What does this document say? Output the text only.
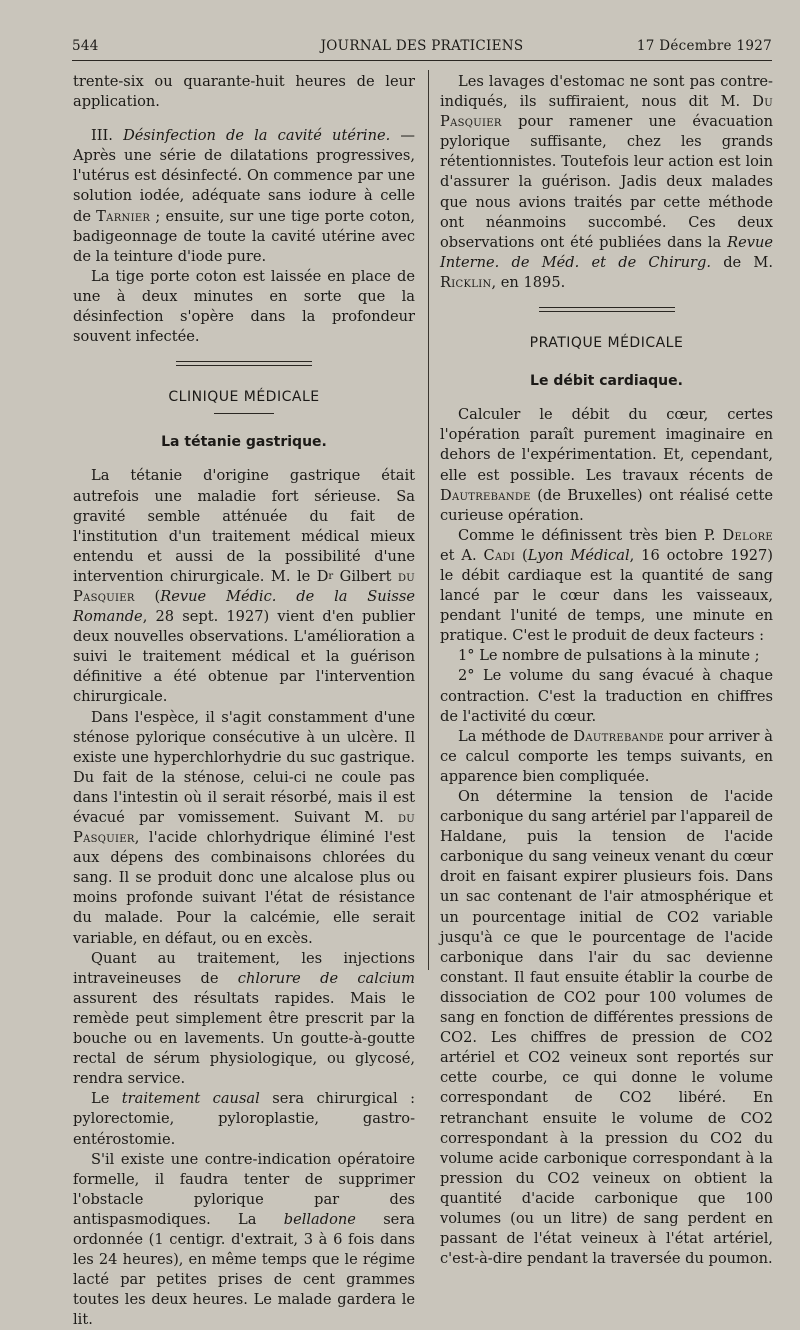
544	JOURNAL DES PRATICIENS	17 Décembre 1927

trente-six ou quarante-huit heures de leur application.

III. Désinfection de la cavité utérine. — Après une série de dilatations progressives, l'utérus est désinfecté. On commence par une solution iodée, adéquate sans iodure à celle de Tarnier ; ensuite, sur une tige porte coton, badigeonnage de toute la cavité utérine avec de la teinture d'iode pure.

La tige porte coton est laissée en place de une à deux minutes en sorte que la désinfection s'opère dans la profondeur souvent infectée.

CLINIQUE MÉDICALE
La tétanie gastrique.

La tétanie d'origine gastrique était autrefois une maladie fort sérieuse. Sa gravité semble atténuée du fait de l'institution d'un traitement médical mieux entendu et aussi de la possibilité d'une intervention chirurgicale. M. le $D^r$ Gilbert du Pasquier (Revue Médic. de la Suisse Romande, 28 sept. 1927) vient d'en publier deux nouvelles observations. L'amélioration a suivi le traitement médical et la guérison définitive a été obtenue par l'intervention chirurgicale.

Dans l'espèce, il s'agit constamment d'une sténose pylorique consécutive à un ulcère. Il existe une hyperchlorhydrie du suc gastrique. Du fait de la sténose, celui-ci ne coule pas dans l'intestin où il serait résorbé, mais il est évacué par vomissement. Suivant M. du Pasquier, l'acide chlorhydrique éliminé l'est aux dépens des combinaisons chlorées du sang. Il se produit donc une alcalose plus ou moins profonde suivant l'état de résistance du malade. Pour la calcémie, elle serait variable, en défaut, ou en excès.

Quant au traitement, les injections intraveineuses de chlorure de calcium assurent des résultats rapides. Mais le remède peut simplement être prescrit par la bouche ou en lavements. Un goutte-à-goutte rectal de sérum physiologique, ou glycosé, rendra service.

Le traitement causal sera chirurgical : pylorectomie, pyloroplastie, gastro-entérostomie.

S'il existe une contre-indication opératoire formelle, il faudra tenter de supprimer l'obstacle pylorique par des antispasmodiques. La belladone sera ordonnée (1 centigr. d'extrait, 3 à 6 fois dans les 24 heures), en même temps que le régime lacté par petites prises de cent grammes toutes les deux heures. Le malade gardera le lit.

Les lavages d'estomac ne sont pas contre-indiqués, ils suffiraient, nous dit M. Du Pasquier pour ramener une évacuation pylorique suffisante, chez les grands rétentionnistes. Toutefois leur action est loin d'assurer la guérison. Jadis deux malades que nous avions traités par cette méthode ont néanmoins succombé. Ces deux observations ont été publiées dans la Revue Interne. de Méd. et de Chirurg. de M. Ricklin, en 1895.

PRATIQUE MÉDICALE
Le débit cardiaque.

Calculer le débit du cœur, certes l'opération paraît purement imaginaire en dehors de l'expérimentation. Et, cependant, elle est possible. Les travaux récents de Dautrebande (de Bruxelles) ont réalisé cette curieuse opération.

Comme le définissent très bien P. Delore et A. Cadi (Lyon Médical, 16 octobre 1927) le débit cardiaque est la quantité de sang lancé par le cœur dans les vaisseaux, pendant l'unité de temps, une minute en pratique. C'est le produit de deux facteurs :

1° Le nombre de pulsations à la minute ;

2° Le volume du sang évacué à chaque contraction. C'est la traduction en chiffres de l'activité du cœur.

La méthode de Dautrebande pour arriver à ce calcul comporte les temps suivants, en apparence bien compliquée.

On détermine la tension de l'acide carbonique du sang artériel par l'appareil de Haldane, puis la tension de l'acide carbonique du sang veineux venant du cœur droit en faisant expirer plusieurs fois. Dans un sac contenant de l'air atmosphérique et un pourcentage initial de CO2 variable jusqu'à ce que le pourcentage de l'acide carbonique dans l'air du sac devienne constant. Il faut ensuite établir la courbe de dissociation de CO2 pour 100 volumes de sang en fonction de différentes pressions de CO2. Les chiffres de pression de CO2 artériel et CO2 veineux sont reportés sur cette courbe, ce qui donne le volume correspondant de CO2 libéré. En retranchant ensuite le volume de CO2 correspondant à la pression du CO2 du volume acide carbonique correspondant à la pression du CO2 veineux on obtient la quantité d'acide carbonique que 100 volumes (ou un litre) de sang perdent en passant de l'état veineux à l'état artériel, c'est-à-dire pendant la traversée du poumon.
